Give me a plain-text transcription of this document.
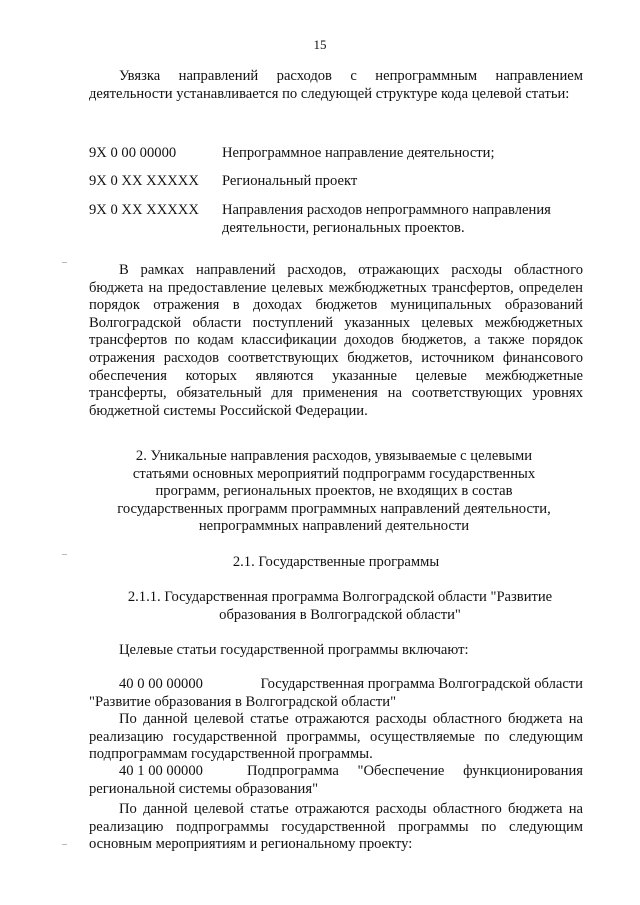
15

Увязка направлений расходов с непрограммным направлением деятельности устанавливается по следующей структуре кода целевой статьи:

9Х 0 00 00000	Непрограммное направление деятельности;
9Х 0 ХХ ХХХХХ	Региональный проект
9Х 0 ХХ ХХХХХ	Направления расходов непрограммного направления деятельности, региональных проектов.

В рамках направлений расходов, отражающих расходы областного бюджета на предоставление целевых межбюджетных трансфертов, определен порядок отражения в доходах бюджетов муниципальных образований Волгоградской области поступлений указанных целевых межбюджетных трансфертов по кодам классификации доходов бюджетов, а также порядок отражения расходов соответствующих бюджетов, источником финансового обеспечения которых являются указанные целевые межбюджетные трансферты, обязательный для применения на соответствующих уровнях бюджетной системы Российской Федерации.

2. Уникальные направления расходов, увязываемые с целевыми статьями основных мероприятий подпрограмм государственных программ, региональных проектов, не входящих в состав государственных программ программных направлений деятельности, непрограммных направлений деятельности

2.1. Государственные программы

2.1.1. Государственная программа Волгоградской области "Развитие образования в Волгоградской области"

Целевые статьи государственной программы включают:

40 0 00 00000	Государственная программа Волгоградской области
"Развитие образования в Волгоградской области"

По данной целевой статье отражаются расходы областного бюджета на реализацию государственной программы, осуществляемые по следующим подпрограммам государственной программы.

40 1 00 00000	Подпрограмма "Обеспечение функционирования
региональной системы образования"

По данной целевой статье отражаются расходы областного бюджета на реализацию подпрограммы государственной программы по следующим основным мероприятиям и региональному проекту:
